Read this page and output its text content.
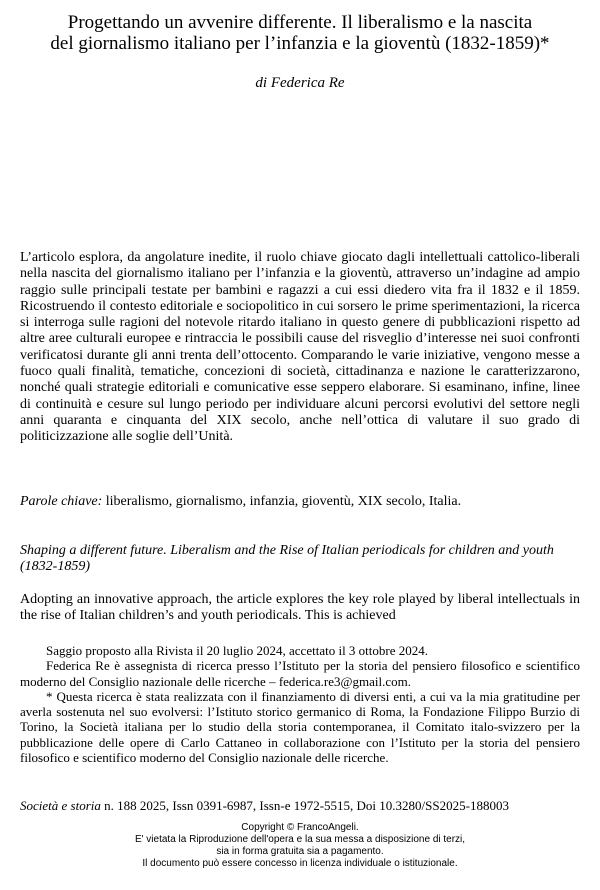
Progettando un avvenire differente. Il liberalismo e la nascita
del giornalismo italiano per l’infanzia e la gioventù (1832-1859)*
di Federica Re

L’articolo esplora, da angolature inedite, il ruolo chiave giocato dagli intellettuali cattolico-liberali nella nascita del giornalismo italiano per l’infanzia e la gioventù, attraverso un’indagine ad ampio raggio sulle principali testate per bambini e ragazzi a cui essi diedero vita fra il 1832 e il 1859. Ricostruendo il contesto editoriale e sociopolitico in cui sorsero le prime sperimentazioni, la ricerca si interroga sulle ragioni del notevole ritardo italiano in questo genere di pubblicazioni rispetto ad altre aree culturali europee e rintraccia le possibili cause del risveglio d’interesse nei suoi confronti verificatosi durante gli anni trenta dell’ottocento. Comparando le varie iniziative, vengono messe a fuoco quali finalità, tematiche, concezioni di società, cittadinanza e nazione le caratterizzarono, nonché quali strategie editoriali e comunicative esse seppero elaborare. Si esaminano, infine, linee di continuità e cesure sul lungo periodo per individuare alcuni percorsi evolutivi del settore negli anni quaranta e cinquanta del XIX secolo, anche nell’ottica di valutare il suo grado di politicizzazione alle soglie dell’Unità.

Parole chiave: liberalismo, giornalismo, infanzia, gioventù, XIX secolo, Italia.

Shaping a different future. Liberalism and the Rise of Italian periodicals for children and youth (1832-1859)

Adopting an innovative approach, the article explores the key role played by liberal intellectuals in the rise of Italian children’s and youth periodicals. This is achieved

Saggio proposto alla Rivista il 20 luglio 2024, accettato il 3 ottobre 2024.

Federica Re è assegnista di ricerca presso l’Istituto per la storia del pensiero filosofico e scientifico moderno del Consiglio nazionale delle ricerche – federica.re3@gmail.com.

* Questa ricerca è stata realizzata con il finanziamento di diversi enti, a cui va la mia gratitudine per averla sostenuta nel suo evolversi: l’Istituto storico germanico di Roma, la Fondazione Filippo Burzio di Torino, la Società italiana per lo studio della storia contemporanea, il Comitato italo-svizzero per la pubblicazione delle opere di Carlo Cattaneo in collaborazione con l’Istituto per la storia del pensiero filosofico e scientifico moderno del Consiglio nazionale delle ricerche.

Società e storia n. 188 2025, Issn 0391-6987, Issn-e 1972-5515, Doi 10.3280/SS2025-188003

Copyright © FrancoAngeli.
E' vietata la Riproduzione dell'opera e la sua messa a disposizione di terzi,
sia in forma gratuita sia a pagamento.
Il documento può essere concesso in licenza individuale o istituzionale.
